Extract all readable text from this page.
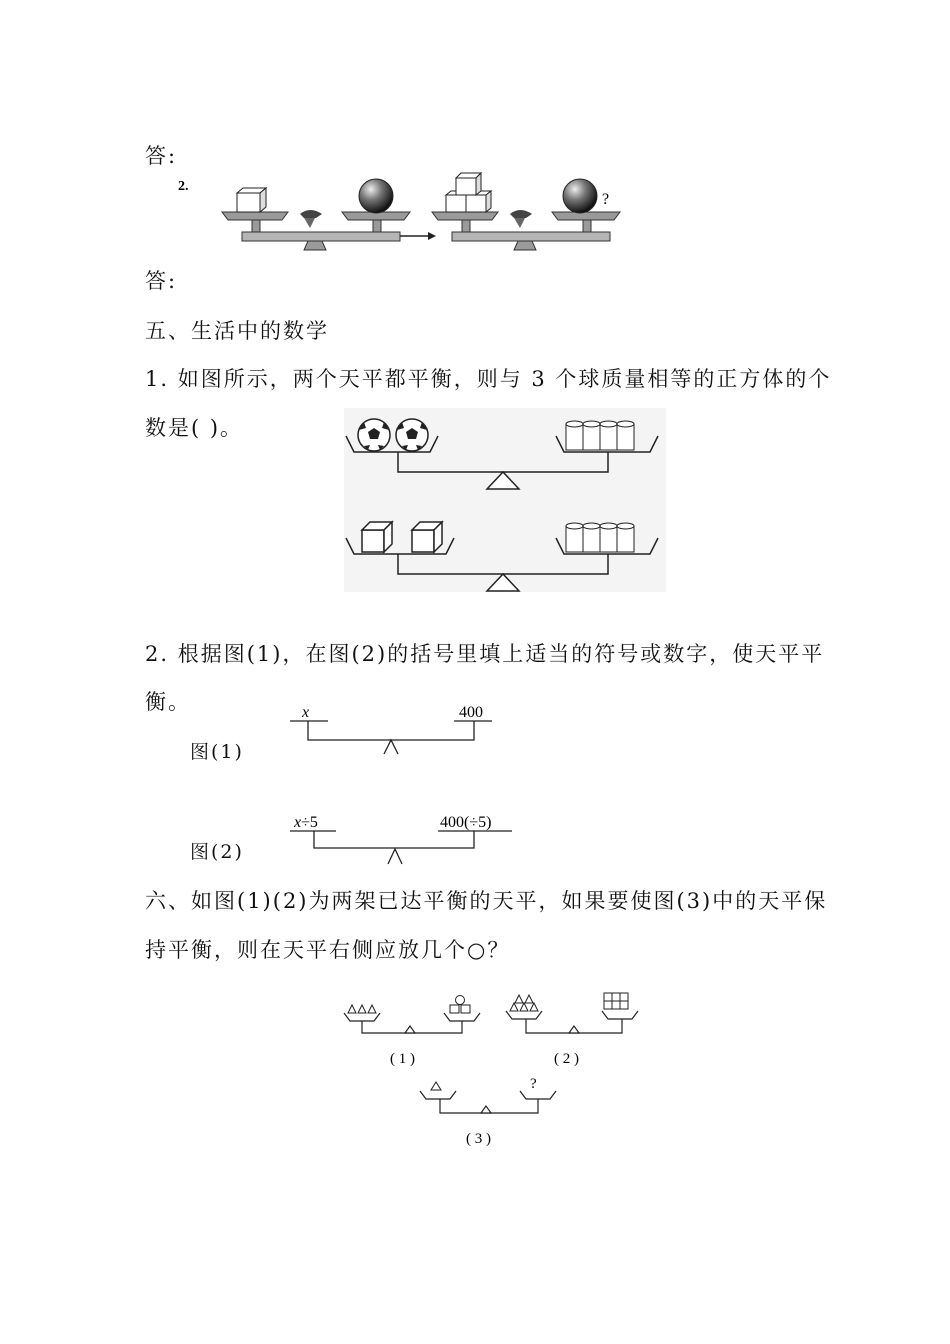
答:
2.
?
答:
五、生活中的数学
1. 如图所示，两个天平都平衡，则与 3 个球质量相等的正方体的个
数是( )。
2. 根据图(1)，在图(2)的括号里填上适当的符号或数字，使天平平
衡。
图(1)
x	400
图(2)
x÷5	400(÷5)
六、如图(1)(2)为两架已达平衡的天平，如果要使图(3)中的天平保
持平衡，则在天平右侧应放几个○？
( 1 )	( 2 )
?
( 3 )
